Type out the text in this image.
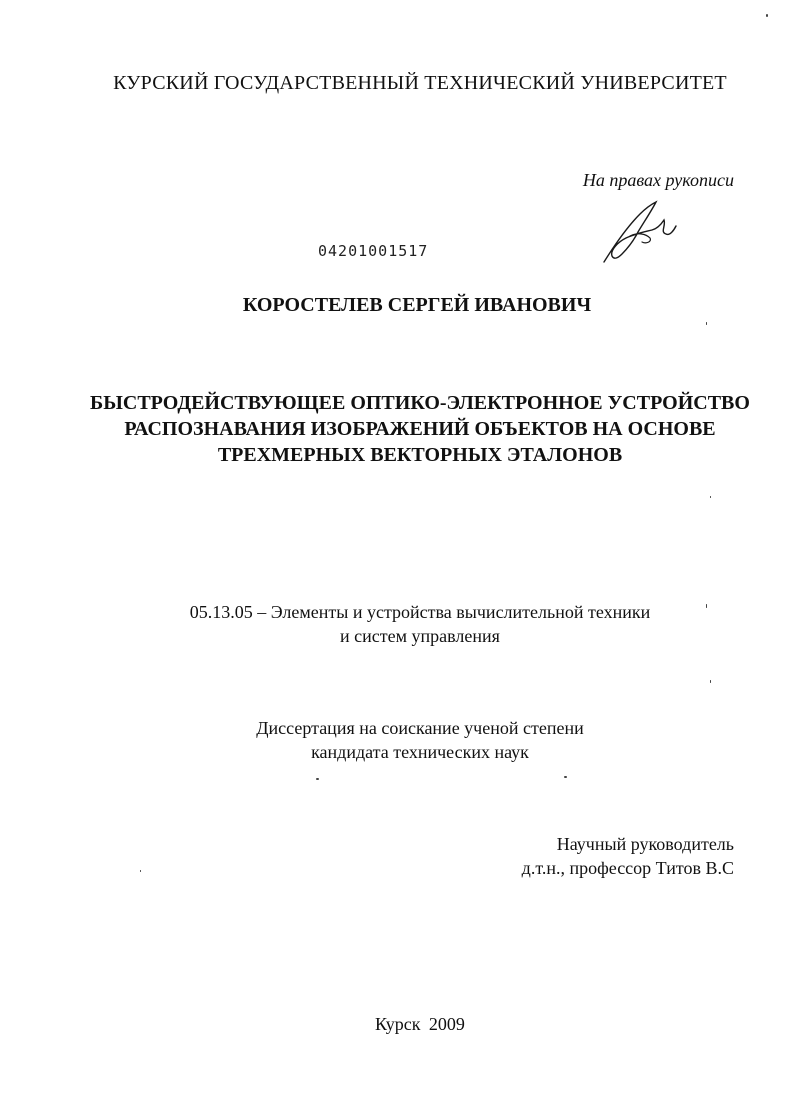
КУРСКИЙ ГОСУДАРСТВЕННЫЙ ТЕХНИЧЕСКИЙ УНИВЕРСИТЕТ
На правах рукописи
04201001517
КОРОСТЕЛЕВ СЕРГЕЙ ИВАНОВИЧ
БЫСТРОДЕЙСТВУЮЩЕЕ ОПТИКО-ЭЛЕКТРОННОЕ УСТРОЙСТВО
РАСПОЗНАВАНИЯ ИЗОБРАЖЕНИЙ ОБЪЕКТОВ НА ОСНОВЕ
ТРЕХМЕРНЫХ ВЕКТОРНЫХ ЭТАЛОНОВ
05.13.05 – Элементы и устройства вычислительной техники
и систем управления
Диссертация на соискание ученой степени
кандидата технических наук
Научный руководитель
д.т.н., профессор Титов В.С
Курск 2009
